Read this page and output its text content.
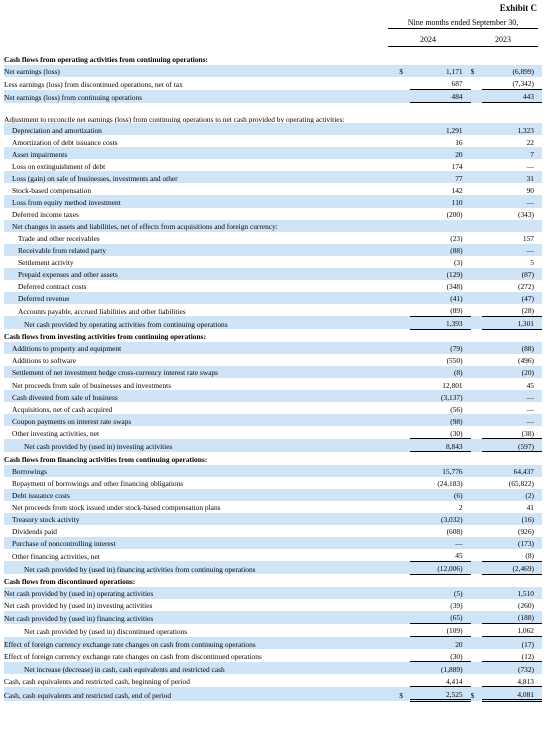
Exhibit C
Nine months ended September 30,
2024	2023
Cash flows from operating activities from continuing operations:				
Net earnings (loss)	$	1,171	$	(6,899)
Less earnings (loss) from discontinued operations, net of tax		687		(7,342)
Net earnings (loss) from continuing operations		484		443
Adjustment to reconcile net earnings (loss) from continuing operations to net cash provided by operating activities:				
Depreciation and amortization		1,291		1,323
Amortization of debt issuance costs		16		22
Asset impairments		20		7
Loss on extinguishment of debt		174		—
Loss (gain) on sale of businesses, investments and other		77		31
Stock-based compensation		142		90
Loss from equity method investment		110		—
Deferred income taxes		(200)		(343)
Net changes in assets and liabilities, net of effects from acquisitions and foreign currency:				
Trade and other receivables		(23)		157
Receivable from related party		(88)		—
Settlement activity		(3)		5
Prepaid expenses and other assets		(129)		(87)
Deferred contract costs		(348)		(272)
Deferred revenue		(41)		(47)
Accounts payable, accrued liabilities and other liabilities		(89)		(28)
Net cash provided by operating activities from continuing operations		1,393		1,301
Cash flows from investing activities from continuing operations:				
Additions to property and equipment		(79)		(88)
Additions to software		(550)		(496)
Settlement of net investment hedge cross-currency interest rate swaps		(8)		(20)
Net proceeds from sale of businesses and investments		12,801		45
Cash divested from sale of business		(3,137)		—
Acquisitions, net of cash acquired		(56)		—
Coupon payments on interest rate swaps		(98)		—
Other investing activities, net		(30)		(38)
Net cash provided by (used in) investing activities		8,843		(597)
Cash flows from financing activities from continuing operations:				
Borrowings		15,776		64,437
Repayment of borrowings and other financing obligations		(24,183)		(65,822)
Debt issuance costs		(6)		(2)
Net proceeds from stock issued under stock-based compensation plans		2		41
Treasury stock activity		(3,032)		(16)
Dividends paid		(608)		(926)
Purchase of noncontrolling interest		—		(173)
Other financing activities, net		45		(8)
Net cash provided by (used in) financing activities from continuing operations		(12,006)		(2,469)
Cash flows from discontinued operations:				
Net cash provided by (used in) operating activities		(5)		1,510
Net cash provided by (used in) investing activities		(39)		(260)
Net cash provided by (used in) financing activities		(65)		(188)
Net cash provided by (used in) discontinued operations		(109)		1,062
Effect of foreign currency exchange rate changes on cash from continuing operations		20		(17)
Effect of foreign currency exchange rate changes on cash from discontinued operations		(30)		(12)
Net increase (decrease) in cash, cash equivalents and restricted cash		(1,889)		(732)
Cash, cash equivalents and restricted cash, beginning of period		4,414		4,813
Cash, cash equivalents and restricted cash, end of period	$	2,525	$	4,081
